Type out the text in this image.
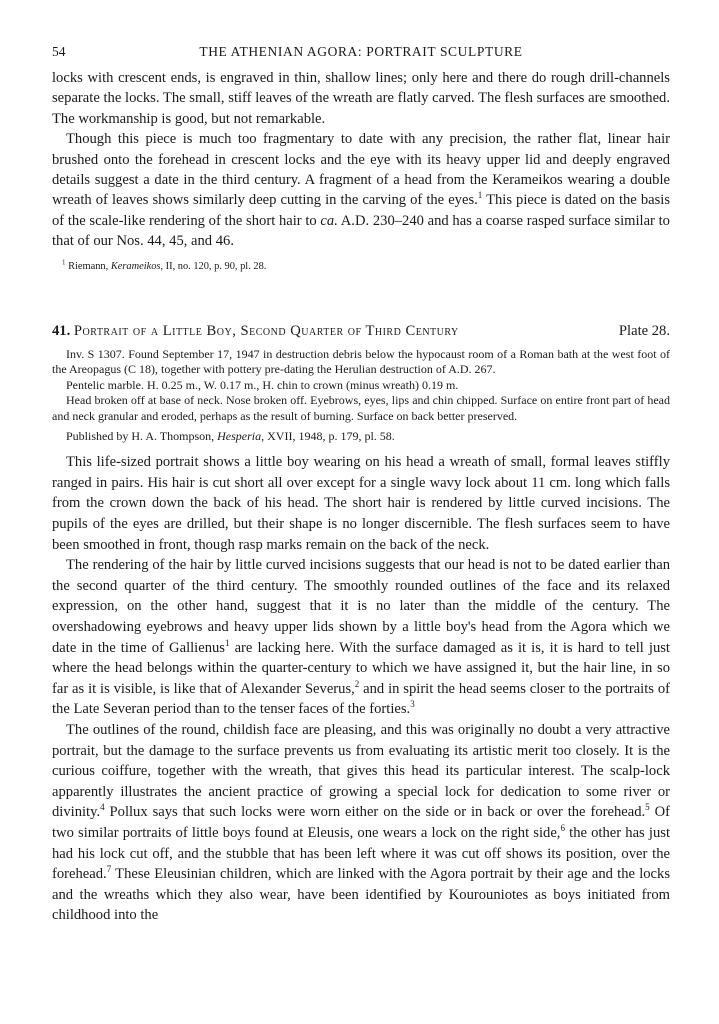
54	THE ATHENIAN AGORA: PORTRAIT SCULPTURE

locks with crescent ends, is engraved in thin, shallow lines; only here and there do rough drill-channels separate the locks. The small, stiff leaves of the wreath are flatly carved. The flesh surfaces are smoothed. The workmanship is good, but not remarkable.

Though this piece is much too fragmentary to date with any precision, the rather flat, linear hair brushed onto the forehead in crescent locks and the eye with its heavy upper lid and deeply engraved details suggest a date in the third century. A fragment of a head from the Kerameikos wearing a double wreath of leaves shows similarly deep cutting in the carving of the eyes.$^1$ This piece is dated on the basis of the scale-like rendering of the short hair to ca. A.D. 230–240 and has a coarse rasped surface similar to that of our Nos. 44, 45, and 46.

$^1$ Riemann, Kerameikos, II, no. 120, p. 90, pl. 28.
41. Portrait of a Little Boy, Second Quarter of Third Century	Plate 28.

Inv. S 1307. Found September 17, 1947 in destruction debris below the hypocaust room of a Roman bath at the west foot of the Areopagus (C 18), together with pottery pre-dating the Herulian destruction of A.D. 267.

Pentelic marble. H. 0.25 m., W. 0.17 m., H. chin to crown (minus wreath) 0.19 m.

Head broken off at base of neck. Nose broken off. Eyebrows, eyes, lips and chin chipped. Surface on entire front part of head and neck granular and eroded, perhaps as the result of burning. Surface on back better preserved.

Published by H. A. Thompson, Hesperia, XVII, 1948, p. 179, pl. 58.

This life-sized portrait shows a little boy wearing on his head a wreath of small, formal leaves stiffly ranged in pairs. His hair is cut short all over except for a single wavy lock about 11 cm. long which falls from the crown down the back of his head. The short hair is rendered by little curved incisions. The pupils of the eyes are drilled, but their shape is no longer discernible. The flesh surfaces seem to have been smoothed in front, though rasp marks remain on the back of the neck.

The rendering of the hair by little curved incisions suggests that our head is not to be dated earlier than the second quarter of the third century. The smoothly rounded outlines of the face and its relaxed expression, on the other hand, suggest that it is no later than the middle of the century. The overshadowing eyebrows and heavy upper lids shown by a little boy's head from the Agora which we date in the time of Gallienus$^1$ are lacking here. With the surface damaged as it is, it is hard to tell just where the head belongs within the quarter-century to which we have assigned it, but the hair line, in so far as it is visible, is like that of Alexander Severus,$^2$ and in spirit the head seems closer to the portraits of the Late Severan period than to the tenser faces of the forties.$^3$

The outlines of the round, childish face are pleasing, and this was originally no doubt a very attractive portrait, but the damage to the surface prevents us from evaluating its artistic merit too closely. It is the curious coiffure, together with the wreath, that gives this head its particular interest. The scalp-lock apparently illustrates the ancient practice of growing a special lock for dedication to some river or divinity.$^4$ Pollux says that such locks were worn either on the side or in back or over the forehead.$^5$ Of two similar portraits of little boys found at Eleusis, one wears a lock on the right side,$^6$ the other has just had his lock cut off, and the stubble that has been left where it was cut off shows its position, over the forehead.$^7$ These Eleusinian children, which are linked with the Agora portrait by their age and the locks and the wreaths which they also wear, have been identified by Kourouniotes as boys initiated from childhood into the
